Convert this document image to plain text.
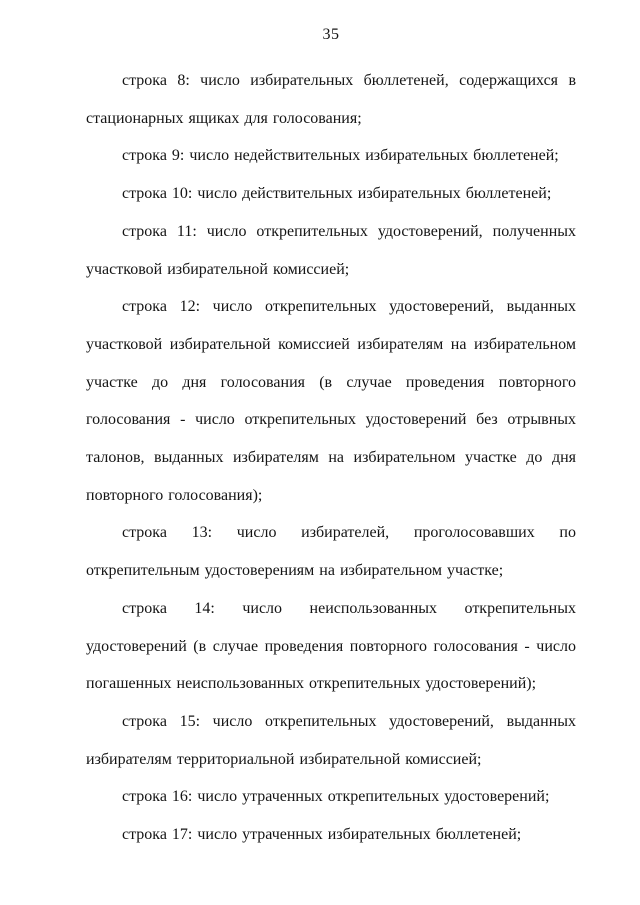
35

строка 8: число избирательных бюллетеней, содержащихся в стационарных ящиках для голосования;

строка 9: число недействительных избирательных бюллетеней;

строка 10: число действительных избирательных бюллетеней;

строка 11: число открепительных удостоверений, полученных участковой избирательной комиссией;

строка 12: число открепительных удостоверений, выданных участковой избирательной комиссией избирателям на избирательном участке до дня голосования (в случае проведения повторного голосования - число открепительных удостоверений без отрывных талонов, выданных избирателям на избирательном участке до дня повторного голосования);

строка 13: число избирателей, проголосовавших по открепительным удостоверениям на избирательном участке;

строка 14: число неиспользованных открепительных удостоверений (в случае проведения повторного голосования - число погашенных неиспользованных открепительных удостоверений);

строка 15: число открепительных удостоверений, выданных избирателям территориальной избирательной комиссией;

строка 16: число утраченных открепительных удостоверений;

строка 17: число утраченных избирательных бюллетеней;
